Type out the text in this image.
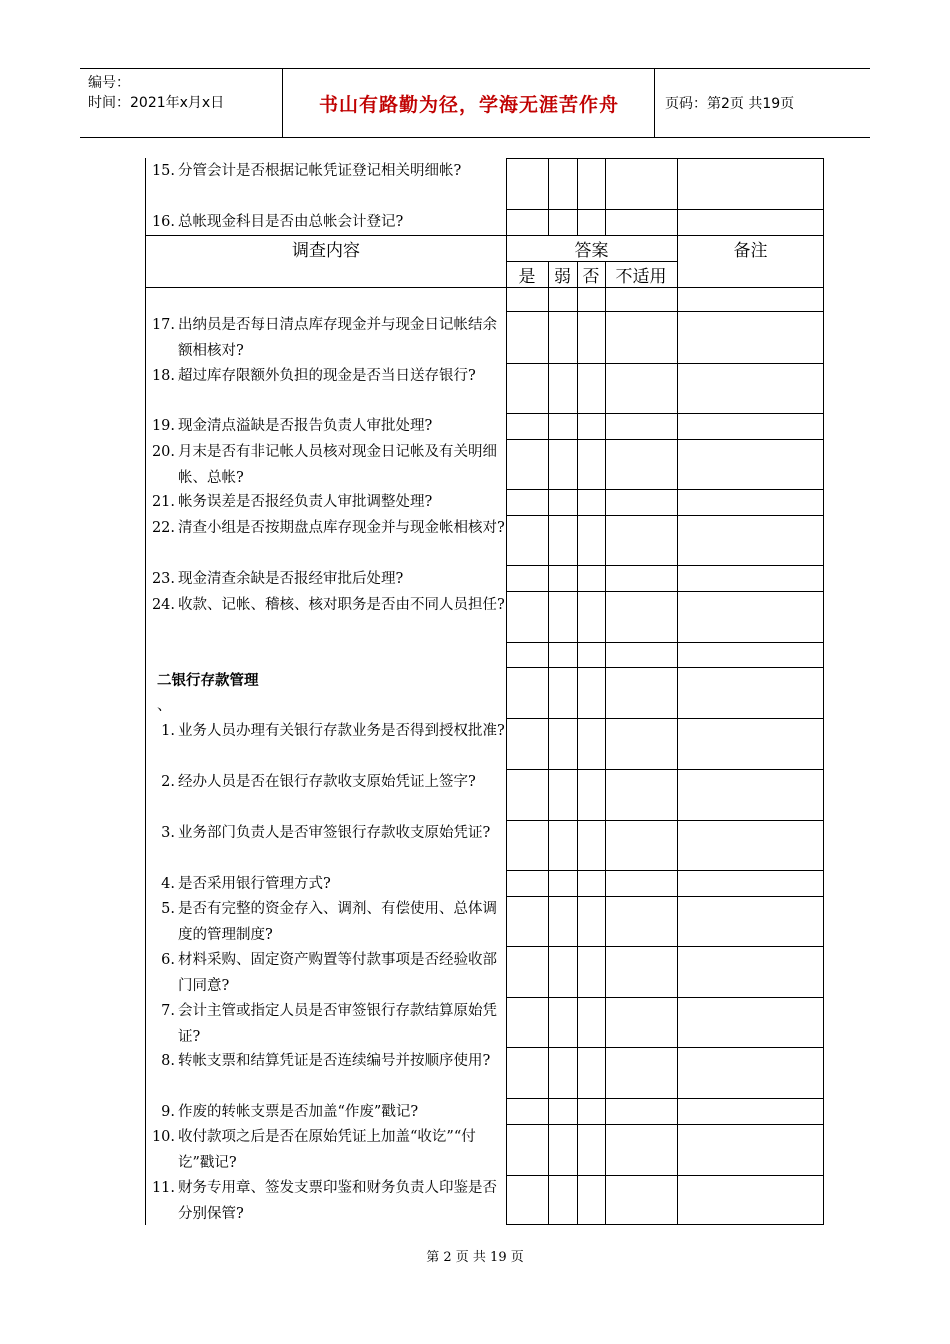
编号：
时间：2021年x月x日	书山有路勤为径，学海无涯苦作舟	页码：第2页 共19页
调查内容	答案	备注
是	弱 否 不适用
15. 分管会计是否根据记帐凭证登记相关明细帐?
16. 总帐现金科目是否由总帐会计登记?
17. 出纳员是否每日清点库存现金并与现金日记帐结余额相核对?
18. 超过库存限额外负担的现金是否当日送存银行?
19. 现金清点溢缺是否报告负责人审批处理?
20. 月末是否有非记帐人员核对现金日记帐及有关明细帐、总帐?
21. 帐务误差是否报经负责人审批调整处理?
22. 清查小组是否按期盘点库存现金并与现金帐相核对?
23. 现金清查余缺是否报经审批后处理?
24. 收款、记帐、稽核、核对职务是否由不同人员担任?
1. 业务人员办理有关银行存款业务是否得到授权批准?
2. 经办人员是否在银行存款收支原始凭证上签字?
3. 业务部门负责人是否审签银行存款收支原始凭证?
4. 是否采用银行管理方式?
5. 是否有完整的资金存入、调剂、有偿使用、总体调度的管理制度?
6. 材料采购、固定资产购置等付款事项是否经验收部门同意?
7. 会计主管或指定人员是否审签银行存款结算原始凭证?
8. 转帐支票和结算凭证是否连续编号并按顺序使用?
9. 作废的转帐支票是否加盖“作废”戳记?
10. 收付款项之后是否在原始凭证上加盖“收讫”“付讫”戳记?
11. 财务专用章、签发支票印鉴和财务负责人印鉴是否分别保管?
二银行存款管理
、
第 2 页 共 19 页
